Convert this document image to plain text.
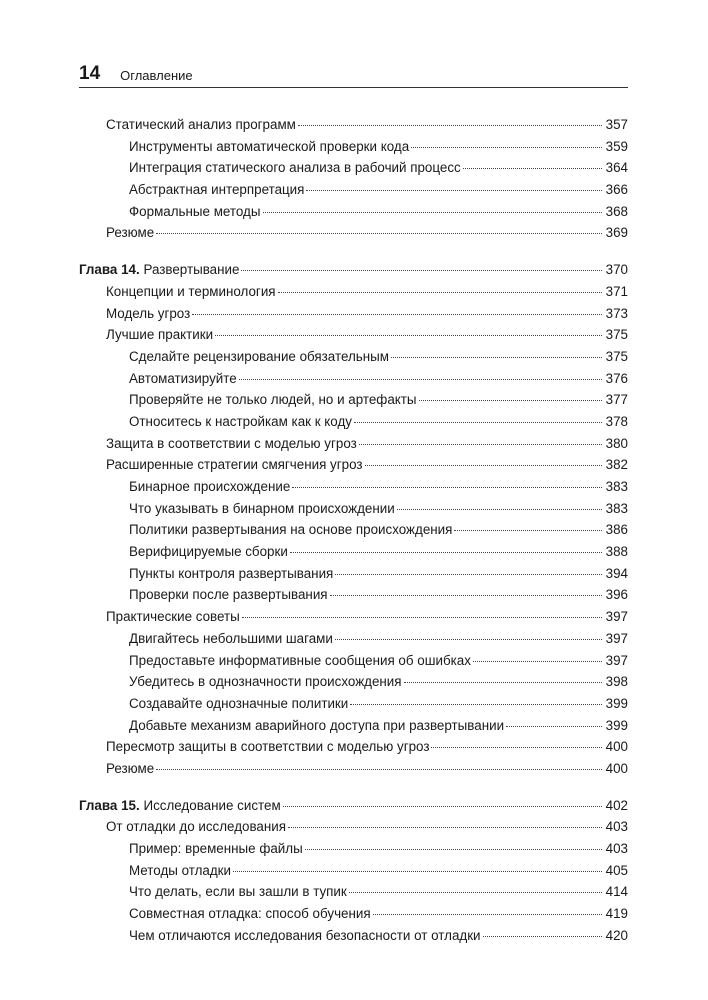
14 Оглавление
Статический анализ программ	357
Инструменты автоматической проверки кода	359
Интеграция статического анализа в рабочий процесс	364
Абстрактная интерпретация	366
Формальные методы	368
Резюме	369
Глава 14. Развертывание	370
Концепции и терминология	371
Модель угроз	373
Лучшие практики	375
Сделайте рецензирование обязательным	375
Автоматизируйте	376
Проверяйте не только людей, но и артефакты	377
Относитесь к настройкам как к коду	378
Защита в соответствии с моделью угроз	380
Расширенные стратегии смягчения угроз	382
Бинарное происхождение	383
Что указывать в бинарном происхождении	383
Политики развертывания на основе происхождения	386
Верифицируемые сборки	388
Пункты контроля развертывания	394
Проверки после развертывания	396
Практические советы	397
Двигайтесь небольшими шагами	397
Предоставьте информативные сообщения об ошибках	397
Убедитесь в однозначности происхождения	398
Создавайте однозначные политики	399
Добавьте механизм аварийного доступа при развертывании	399
Пересмотр защиты в соответствии с моделью угроз	400
Резюме	400
Глава 15. Исследование систем	402
От отладки до исследования	403
Пример: временные файлы	403
Методы отладки	405
Что делать, если вы зашли в тупик	414
Совместная отладка: способ обучения	419
Чем отличаются исследования безопасности от отладки	420
